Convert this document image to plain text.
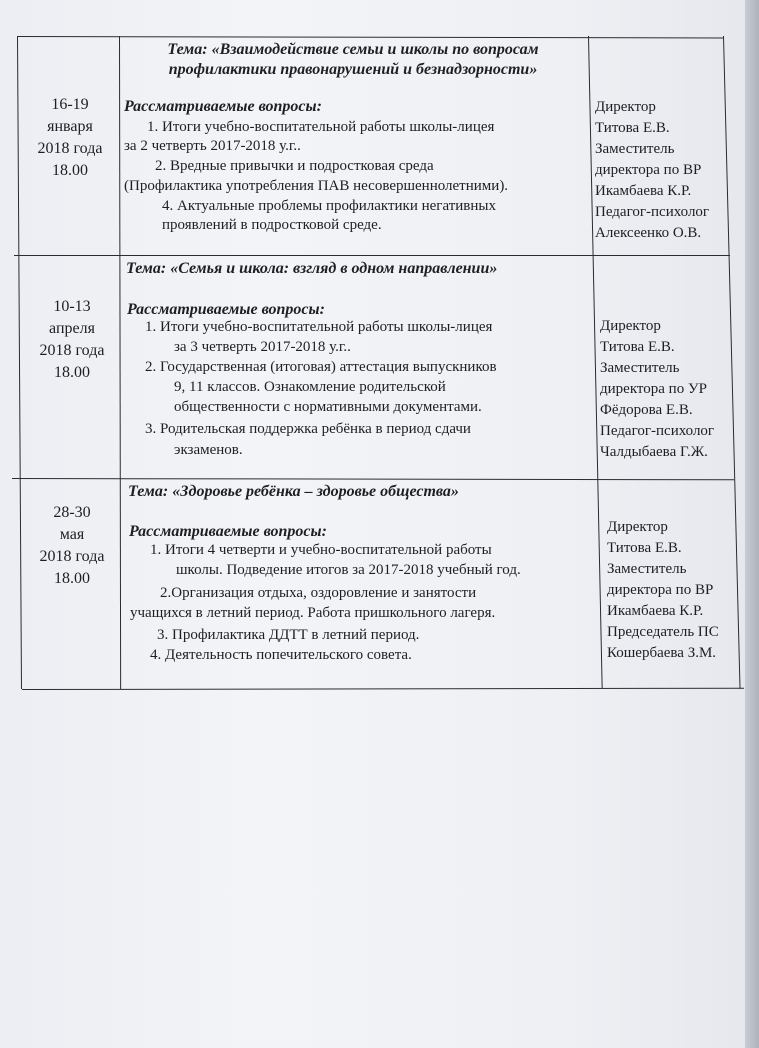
16-19
января
2018 года
18.00
Тема: «Взаимодействие семьи и школы по вопросам
профилактики правонарушений и безнадзорности»
Рассматриваемые вопросы:
1. Итоги учебно-воспитательной работы школы-лицея
за 2 четверть 2017-2018 у.г..
2. Вредные привычки и подростковая среда
(Профилактика употребления ПАВ несовершеннолетними).
4. Актуальные проблемы профилактики негативных
проявлений в подростковой среде.
Директор
Титова Е.В.
Заместитель
директора по ВР
Икамбаева К.Р.
Педагог-психолог
Алексеенко О.В.
10-13
апреля
2018 года
18.00
Тема: «Семья и школа: взгляд в одном направлении»
Рассматриваемые вопросы:
1. Итоги учебно-воспитательной работы школы-лицея
за 3 четверть 2017-2018 у.г..
2. Государственная (итоговая) аттестация выпускников
9, 11 классов. Ознакомление родительской
общественности с нормативными документами.
3. Родительская поддержка ребёнка в период сдачи
экзаменов.
Директор
Титова Е.В.
Заместитель
директора по УР
Фёдорова Е.В.
Педагог-психолог
Чалдыбаева Г.Ж.
28-30
мая
2018 года
18.00
Тема: «Здоровье ребёнка – здоровье общества»
Рассматриваемые вопросы:
1. Итоги 4 четверти и учебно-воспитательной работы
школы. Подведение итогов за 2017-2018 учебный год.
2.Организация отдыха, оздоровление и занятости
учащихся в летний период. Работа пришкольного лагеря.
3. Профилактика ДДТТ в летний период.
4. Деятельность попечительского совета.
Директор
Титова Е.В.
Заместитель
директора по ВР
Икамбаева К.Р.
Председатель ПС
Кошербаева З.М.
